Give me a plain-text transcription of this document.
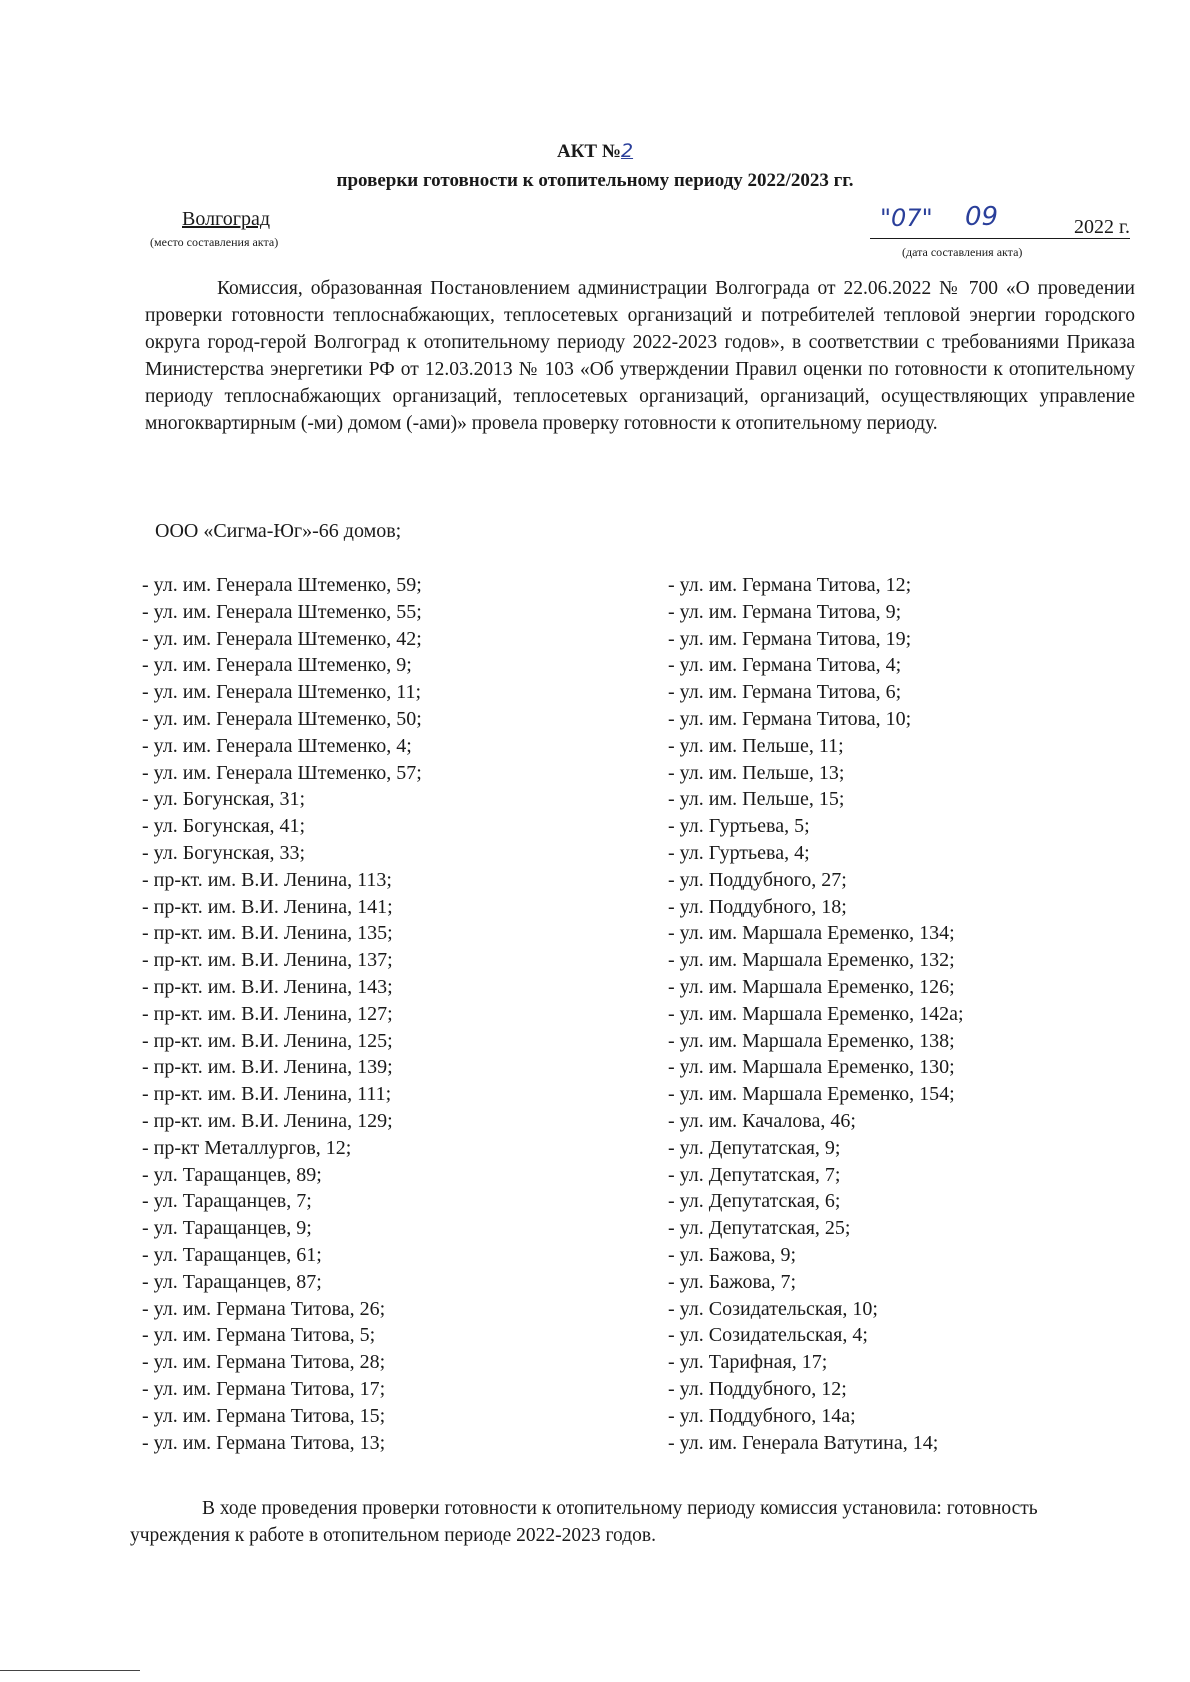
АКТ №2
проверки готовности к отопительному периоду 2022/2023 гг.
Волгоград
(место составления акта)
"07" 09	2022 г.
(дата составления акта)
Комиссия, образованная Постановлением администрации Волгограда от 22.06.2022 № 700 «О проведении проверки готовности теплоснабжающих, теплосетевых организаций и потребителей тепловой энергии городского округа город-герой Волгоград к отопительному периоду 2022-2023 годов», в соответствии с требованиями Приказа Министерства энергетики РФ от 12.03.2013 № 103 «Об утверждении Правил оценки по готовности к отопительному периоду теплоснабжающих организаций, теплосетевых организаций, организаций, осуществляющих управление многоквартирным (-ми) домом (-ами)» провела проверку готовности к отопительному периоду.
ООО «Сигма-Юг»-66 домов;
- ул. им. Генерала Штеменко, 59;
- ул. им. Генерала Штеменко, 55;
- ул. им. Генерала Штеменко, 42;
- ул. им. Генерала Штеменко, 9;
- ул. им. Генерала Штеменко, 11;
- ул. им. Генерала Штеменко, 50;
- ул. им. Генерала Штеменко, 4;
- ул. им. Генерала Штеменко, 57;
- ул. Богунская, 31;
- ул. Богунская, 41;
- ул. Богунская, 33;
- пр-кт. им. В.И. Ленина, 113;
- пр-кт. им. В.И. Ленина, 141;
- пр-кт. им. В.И. Ленина, 135;
- пр-кт. им. В.И. Ленина, 137;
- пр-кт. им. В.И. Ленина, 143;
- пр-кт. им. В.И. Ленина, 127;
- пр-кт. им. В.И. Ленина, 125;
- пр-кт. им. В.И. Ленина, 139;
- пр-кт. им. В.И. Ленина, 111;
- пр-кт. им. В.И. Ленина, 129;
- пр-кт Металлургов, 12;
- ул. Таращанцев, 89;
- ул. Таращанцев, 7;
- ул. Таращанцев, 9;
- ул. Таращанцев, 61;
- ул. Таращанцев, 87;
- ул. им. Германа Титова, 26;
- ул. им. Германа Титова, 5;
- ул. им. Германа Титова, 28;
- ул. им. Германа Титова, 17;
- ул. им. Германа Титова, 15;
- ул. им. Германа Титова, 13;
- ул. им. Германа Титова, 12;
- ул. им. Германа Титова, 9;
- ул. им. Германа Титова, 19;
- ул. им. Германа Титова, 4;
- ул. им. Германа Титова, 6;
- ул. им. Германа Титова, 10;
- ул. им. Пельше, 11;
- ул. им. Пельше, 13;
- ул. им. Пельше, 15;
- ул. Гуртьева, 5;
- ул. Гуртьева, 4;
- ул. Поддубного, 27;
- ул. Поддубного, 18;
- ул. им. Маршала Еременко, 134;
- ул. им. Маршала Еременко, 132;
- ул. им. Маршала Еременко, 126;
- ул. им. Маршала Еременко, 142а;
- ул. им. Маршала Еременко, 138;
- ул. им. Маршала Еременко, 130;
- ул. им. Маршала Еременко, 154;
- ул. им. Качалова, 46;
- ул. Депутатская, 9;
- ул. Депутатская, 7;
- ул. Депутатская, 6;
- ул. Депутатская, 25;
- ул. Бажова, 9;
- ул. Бажова, 7;
- ул. Созидательская, 10;
- ул. Созидательская, 4;
- ул. Тарифная, 17;
- ул. Поддубного, 12;
- ул. Поддубного, 14а;
- ул. им. Генерала Ватутина, 14;
В ходе проведения проверки готовности к отопительному периоду комиссия установила: готовность учреждения к работе в отопительном периоде 2022-2023 годов.
